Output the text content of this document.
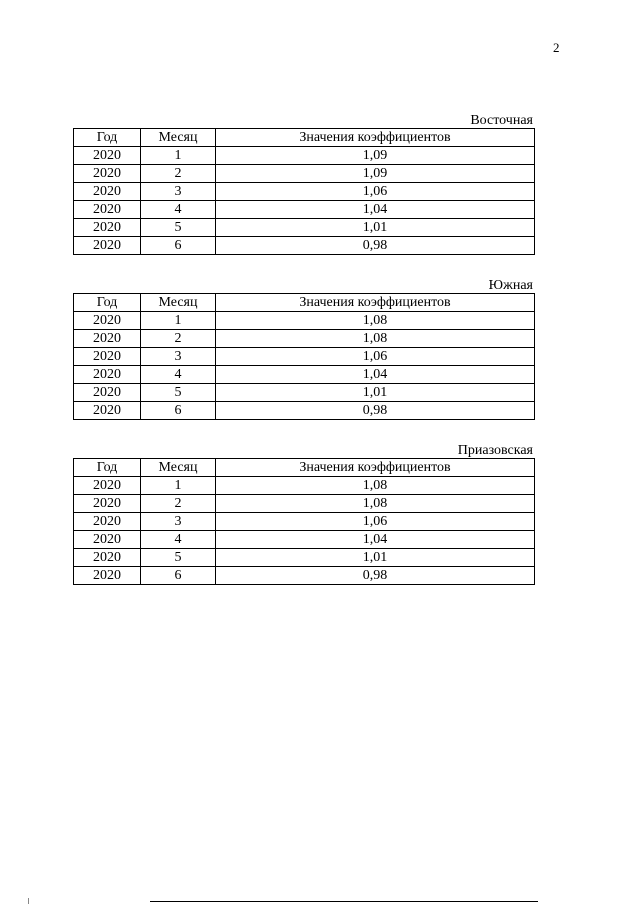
2
Восточная
Год	Месяц	Значения коэффициентов
2020	1	1,09
2020	2	1,09
2020	3	1,06
2020	4	1,04
2020	5	1,01
2020	6	0,98
Южная
Год	Месяц	Значения коэффициентов
2020	1	1,08
2020	2	1,08
2020	3	1,06
2020	4	1,04
2020	5	1,01
2020	6	0,98
Приазовская
Год	Месяц	Значения коэффициентов
2020	1	1,08
2020	2	1,08
2020	3	1,06
2020	4	1,04
2020	5	1,01
2020	6	0,98
